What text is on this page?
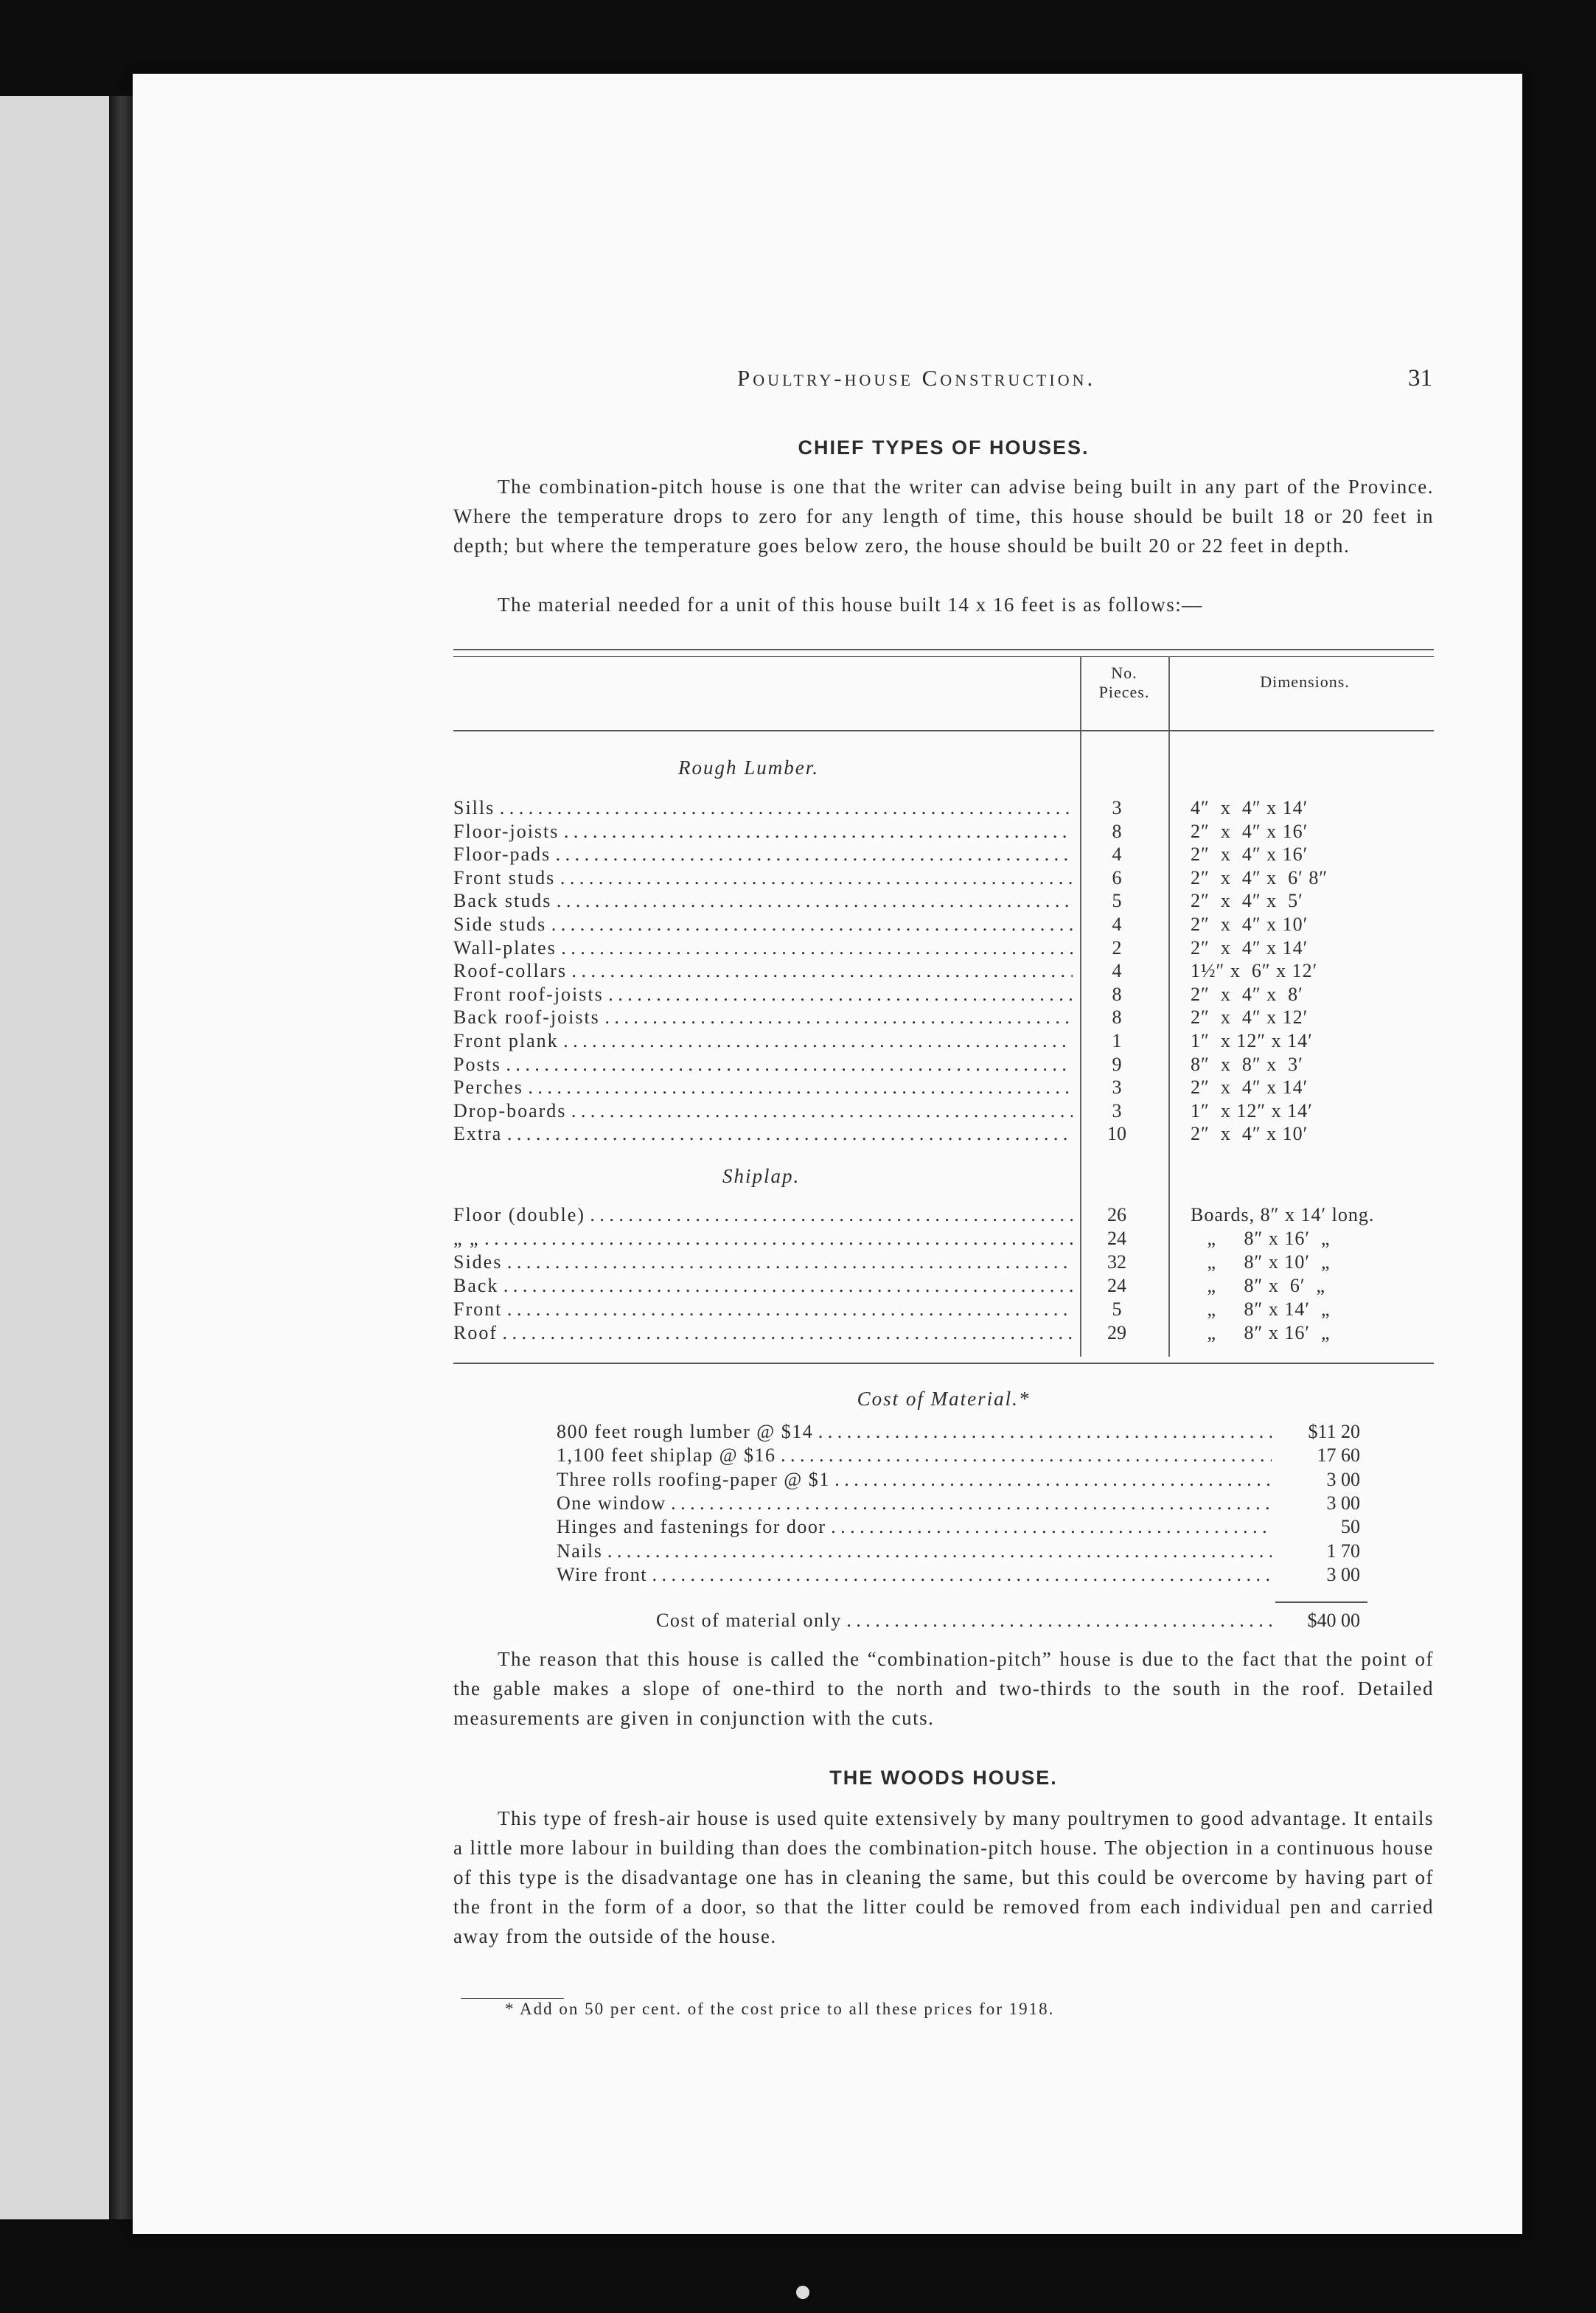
Poultry-house Construction.	31
CHIEF TYPES OF HOUSES.

The combination-pitch house is one that the writer can advise being built in any part of the Province. Where the temperature drops to zero for any length of time, this house should be built 18 or 20 feet in depth; but where the temperature goes below zero, the house should be built 20 or 22 feet in depth.

The material needed for a unit of this house built 14 x 16 feet is as follows:—

No. Pieces.
Dimensions.
Rough Lumber.
Sills . . .	3	4″  x  4″ x 14′
Floor-joists . . .	8	2″  x  4″ x 16′
Floor-pads . . .	4	2″  x  4″ x 16′
Front studs . . .	6	2″  x  4″ x  6′ 8″
Back studs . . .	5	2″  x  4″ x  5′
Side studs . . .	4	2″  x  4″ x 10′
Wall-plates . . .	2	2″  x  4″ x 14′
Roof-collars . . .	4	1½″ x  6″ x 12′
Front roof-joists . . .	8	2″  x  4″ x  8′
Back roof-joists . . .	8	2″  x  4″ x 12′
Front plank . . .	1	1″  x 12″ x 14′
Posts . . .	9	8″  x  8″ x  3′
Perches . . .	3	2″  x  4″ x 14′
Drop-boards . . .	3	1″  x 12″ x 14′
Extra . . .	10	2″  x  4″ x 10′
Shiplap.
Floor (double) . . .	26	Boards, 8″ x 14′ long.
„ „ . . .	24	„     8″ x 16′  „
Sides . . .	32	„     8″ x 10′  „
Back . . .	24	„     8″ x  6′  „
Front . . .	5	„     8″ x 14′  „
Roof . . .	29	„     8″ x 16′  „
Cost of Material.*
800 feet rough lumber @ $14 . . .	$11 20
1,100 feet shiplap @ $16 . . .	17 60
Three rolls roofing-paper @ $1 . . .	3 00
One window . . .	3 00
Hinges and fastenings for door . . .	50
Nails . . .	1 70
Wire front . . .	3 00
Cost of material only . . .	$40 00

The reason that this house is called the “combination-pitch” house is due to the fact that the point of the gable makes a slope of one-third to the north and two-thirds to the south in the roof. Detailed measurements are given in conjunction with the cuts.

THE WOODS HOUSE.

This type of fresh-air house is used quite extensively by many poultrymen to good advantage. It entails a little more labour in building than does the combination-pitch house. The objection in a continuous house of this type is the disadvantage one has in cleaning the same, but this could be overcome by having part of the front in the form of a door, so that the litter could be removed from each individual pen and carried away from the outside of the house.

* Add on 50 per cent. of the cost price to all these prices for 1918.
